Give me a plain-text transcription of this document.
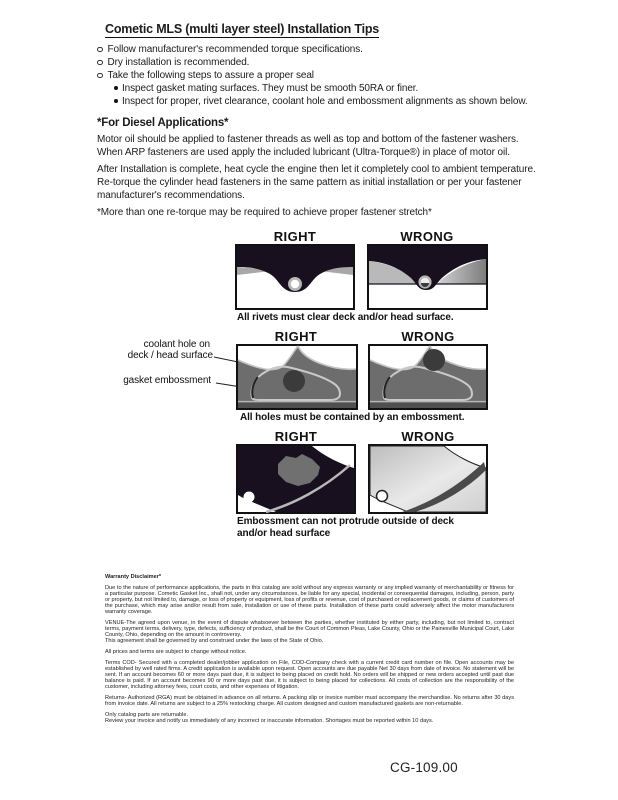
Cometic MLS (multi layer steel) Installation Tips
Follow manufacturer's recommended torque specifications.
Dry installation is recommended.
Take the following steps to assure a proper seal
Inspect gasket mating surfaces. They must be smooth 50RA or finer.
Inspect for proper, rivet clearance, coolant hole and embossment alignments as shown below.
*For Diesel Applications*
Motor oil should be applied to fastener threads as well as top and bottom of the fastener washers. When ARP fasteners are used apply the included lubricant (Ultra-Torque®) in place of motor oil.
After Installation is complete, heat cycle the engine then let it completely cool to ambient temperature. Re-torque the cylinder head fasteners in the same pattern as initial installation or per your fastener manufacturer's recommendations.
*More than one re-torque may be required to achieve proper fastener stretch*
RIGHT	WRONG
All rivets must clear deck and/or head surface.
RIGHT	WRONG
coolant hole on
deck / head surface
gasket embossment
All holes must be contained by an embossment.
RIGHT	WRONG
Embossment can not protrude outside of deck
and/or head surface

Warranty Disclaimer*

Due to the nature of performance applications, the parts in this catalog are sold without any express warranty or any implied warranty of merchantability or fitness for a particular purpose. Cometic Gasket Inc., shall not, under any circumstances, be liable for any special, incidental or consequential damages, including, person, party or property, but not limited to, damage, or loss of property or equipment, loss of profits or revenue, cost of purchased or replacement goods, or claims of customers of the purchase, which may arise and/or result from sale, installation or use of these parts. Installation of these parts could adversely affect the motor manufacturers warranty coverage.

VENUE-The agreed upon venue, in the event of dispute whatsoever between the parties, whether instituted by either party, including, but not limited to, contract terms, payment terms, delivery, type, defects, sufficiency of product, shall be the Court of Common Pleas, Lake County, Ohio or the Painesville Municipal Court, Lake County, Ohio, depending on the amount in controversy.

This agreement shall be governed by and construed under the laws of the State of Ohio.

All prices and terms are subject to change without notice.

Terms COD- Secured with a completed dealer/jobber application on File, COD-Company check with a current credit card number on file. Open accounts may be established by well rated firms. A credit application is available upon request. Open accounts are due payable Net 30 days from date of invoice. No statement will be sent. If an account becomes 60 or more days past due, it is subject to being placed on credit hold. No orders will be shipped or new orders accepted until past due balance is paid. If an account becomes 90 or more days past due, it is subject to being placed for collections. All costs of collection are the responsibility of the customer, including attorney fees, court costs, and other expenses of litigation.

Returns- Authorized (RGA) must be obtained in advance on all returns. A packing slip or invoice number must accompany the merchandise. No returns after 30 days from invoice date. All returns are subject to a 25% restocking charge. All custom designed and custom manufactured gaskets are non-returnable.

Only catalog parts are returnable.

Review your invoice and notify us immediately of any incorrect or inaccurate information. Shortages must be reported within 10 days.

CG-109.00
